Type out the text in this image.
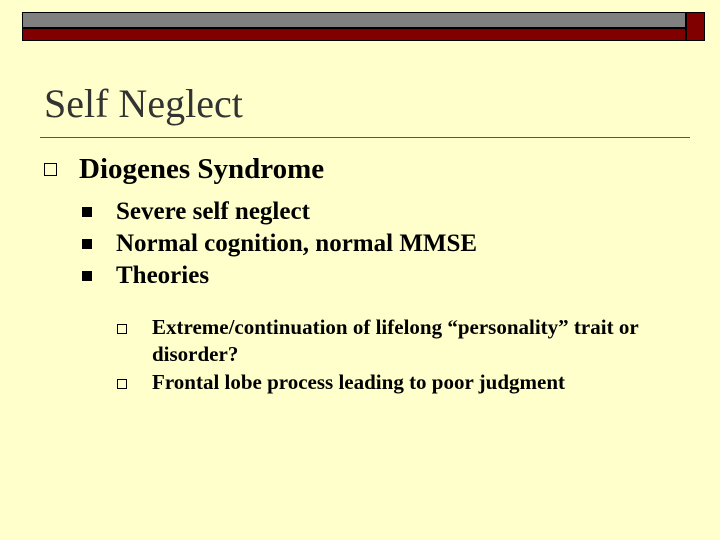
Self Neglect
Diogenes Syndrome
Severe self neglect
Normal cognition, normal MMSE
Theories
Extreme/continuation of lifelong “personality” trait or disorder?
Frontal lobe process leading to poor judgment
